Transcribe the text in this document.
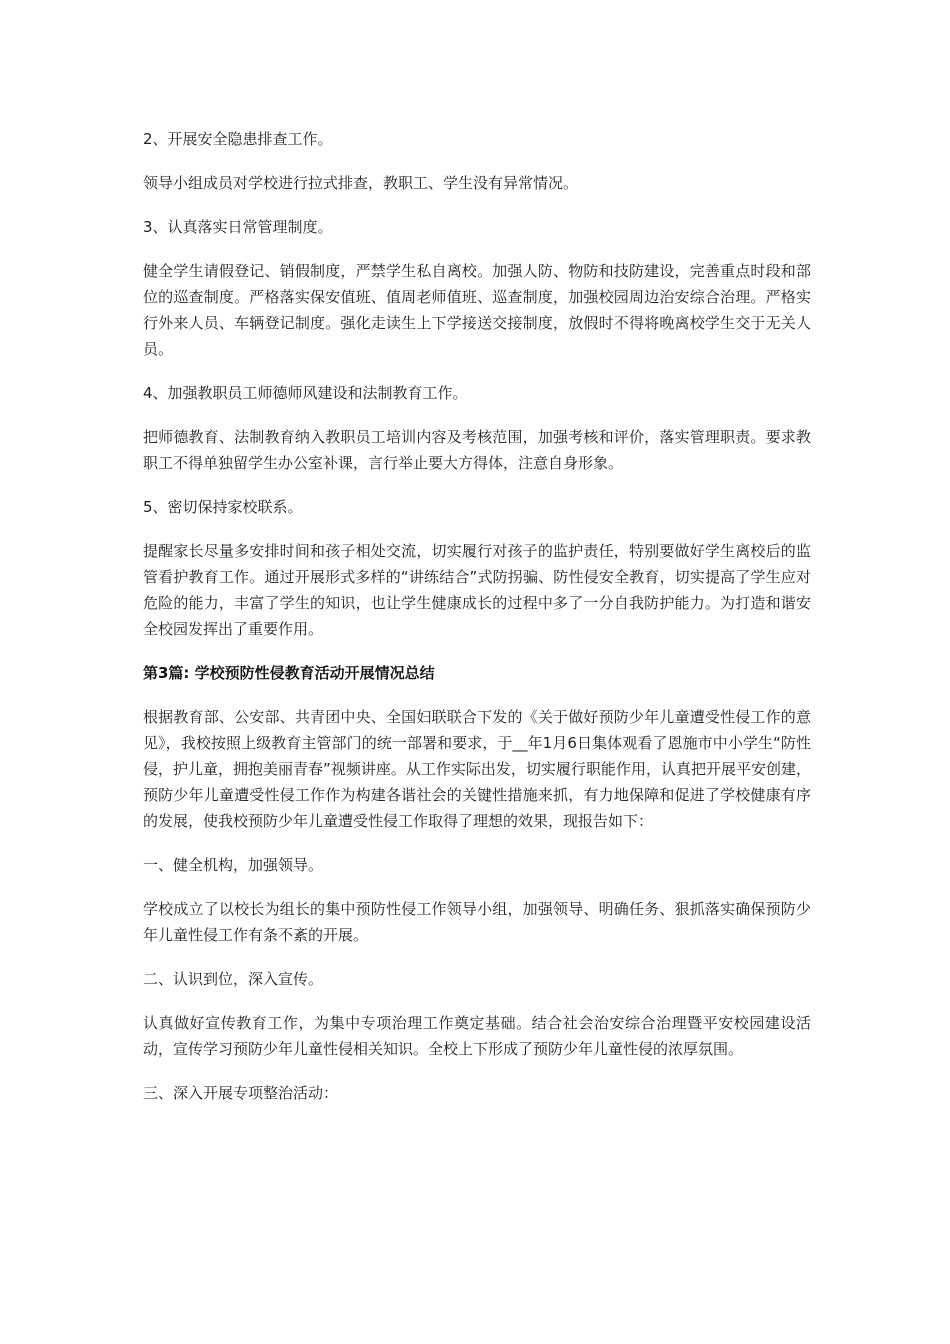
2、开展安全隐患排查工作。

领导小组成员对学校进行拉式排查，教职工、学生没有异常情况。

3、认真落实日常管理制度。

健全学生请假登记、销假制度，严禁学生私自离校。加强人防、物防和技防建设，完善重点时段和部位的巡查制度。严格落实保安值班、值周老师值班、巡查制度，加强校园周边治安综合治理。严格实行外来人员、车辆登记制度。强化走读生上下学接送交接制度，放假时不得将晚离校学生交于无关人员。

4、加强教职员工师德师风建设和法制教育工作。

把师德教育、法制教育纳入教职员工培训内容及考核范围，加强考核和评价，落实管理职责。要求教职工不得单独留学生办公室补课，言行举止要大方得体，注意自身形象。

5、密切保持家校联系。

提醒家长尽量多安排时间和孩子相处交流，切实履行对孩子的监护责任，特别要做好学生离校后的监管看护教育工作。通过开展形式多样的“讲练结合”式防拐骗、防性侵安全教育，切实提高了学生应对危险的能力，丰富了学生的知识，也让学生健康成长的过程中多了一分自我防护能力。为打造和谐安全校园发挥出了重要作用。

第3篇: 学校预防性侵教育活动开展情况总结

根据教育部、公安部、共青团中央、全国妇联联合下发的《关于做好预防少年儿童遭受性侵工作的意见》，我校按照上级教育主管部门的统一部署和要求，于__年1月6日集体观看了恩施市中小学生“防性侵，护儿童，拥抱美丽青春”视频讲座。从工作实际出发，切实履行职能作用，认真把开展平安创建，预防少年儿童遭受性侵工作作为构建各谐社会的关键性措施来抓，有力地保障和促进了学校健康有序的发展，使我校预防少年儿童遭受性侵工作取得了理想的效果，现报告如下：

一、健全机构，加强领导。

学校成立了以校长为组长的集中预防性侵工作领导小组，加强领导、明确任务、狠抓落实确保预防少年儿童性侵工作有条不紊的开展。

二、认识到位，深入宣传。

认真做好宣传教育工作，为集中专项治理工作奠定基础。结合社会治安综合治理暨平安校园建设活动，宣传学习预防少年儿童性侵相关知识。全校上下形成了预防少年儿童性侵的浓厚氛围。

三、深入开展专项整治活动：
